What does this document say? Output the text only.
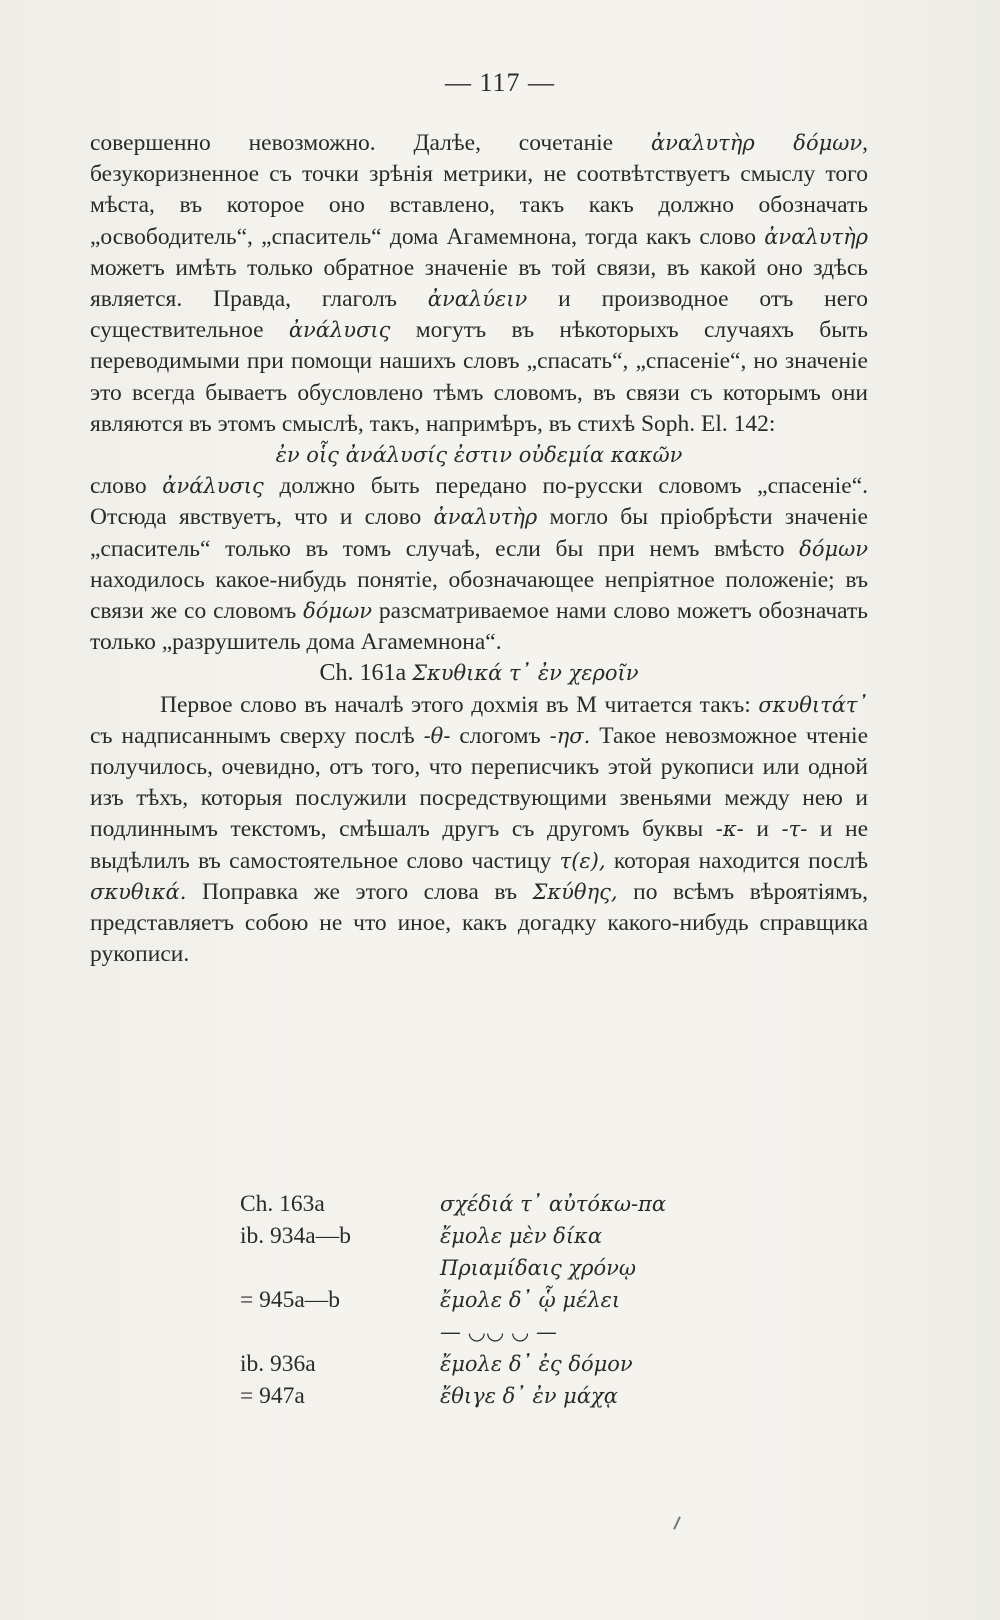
— 117 —

совершенно невозможно. Далѣе, сочетаніе ἀναλυτὴρ δόμων, безукоризненное съ точки зрѣнія метрики, не соотвѣтствуетъ смыслу того мѣста, въ которое оно вставлено, такъ какъ должно обозначать „освободитель“, „спаситель“ дома Агамемнона, тогда какъ слово ἀναλυτὴρ можетъ имѣть только обратное значеніе въ той связи, въ какой оно здѣсь является. Правда, глаголъ ἀναλύειν и производное отъ него существительное ἀνάλυσις могутъ въ нѣкоторыхъ случаяхъ быть переводимыми при помощи нашихъ словъ „спасать“, „спасеніе“, но значеніе это всегда бываетъ обусловлено тѣмъ словомъ, въ связи съ которымъ они являются въ этомъ смыслѣ, такъ, напримѣръ, въ стихѣ Soph. El. 142:

ἐν οἷς ἀνάλυσίς ἐστιν οὐδεμία κακῶν

слово ἀνάλυσις должно быть передано по-русски словомъ „спасеніе“. Отсюда явствуетъ, что и слово ἀναλυτὴρ могло бы пріобрѣсти значеніе „спаситель“ только въ томъ случаѣ, если бы при немъ вмѣсто δόμων находилось какое-нибудь понятіе, обозначающее непріятное положеніе; въ связи же со словомъ δόμων разсматриваемое нами слово можетъ обозначать только „разрушитель дома Агамемнона“.

Ch. 161a Σκυθικά τ᾽ ἐν χεροῖν

Первое слово въ началѣ этого дохмія въ M читается такъ: σκυθιτάτ᾽ съ надписаннымъ сверху послѣ -θ- слогомъ -ησ. Такое невозможное чтеніе получилось, очевидно, отъ того, что переписчикъ этой рукописи или одной изъ тѣхъ, которыя послужили посредствующими звеньями между нею и подлиннымъ текстомъ, смѣшалъ другъ съ другомъ буквы -κ- и -τ- и не выдѣлилъ въ самостоятельное слово частицу τ(ε), которая находится послѣ σκυθικά. Поправка же этого слова въ Σκύθης, по всѣмъ вѣроятіямъ, представляетъ собою не что иное, какъ догадку какого-нибудь справщика рукописи.

Ch. 163a	σχέδιά τ᾽ αὐτόκω-πα
ib. 934a—b	ἔμολε μὲν δίκα
Πριαμίδαις χρόνῳ
= 945a—b	ἔμολε δ᾽ ᾧ μέλει
— ◡◡ ◡ —
ib. 936a	ἔμολε δ᾽ ἐς δόμον
= 947a	ἔθιγε δ᾽ ἐν μάχᾳ
